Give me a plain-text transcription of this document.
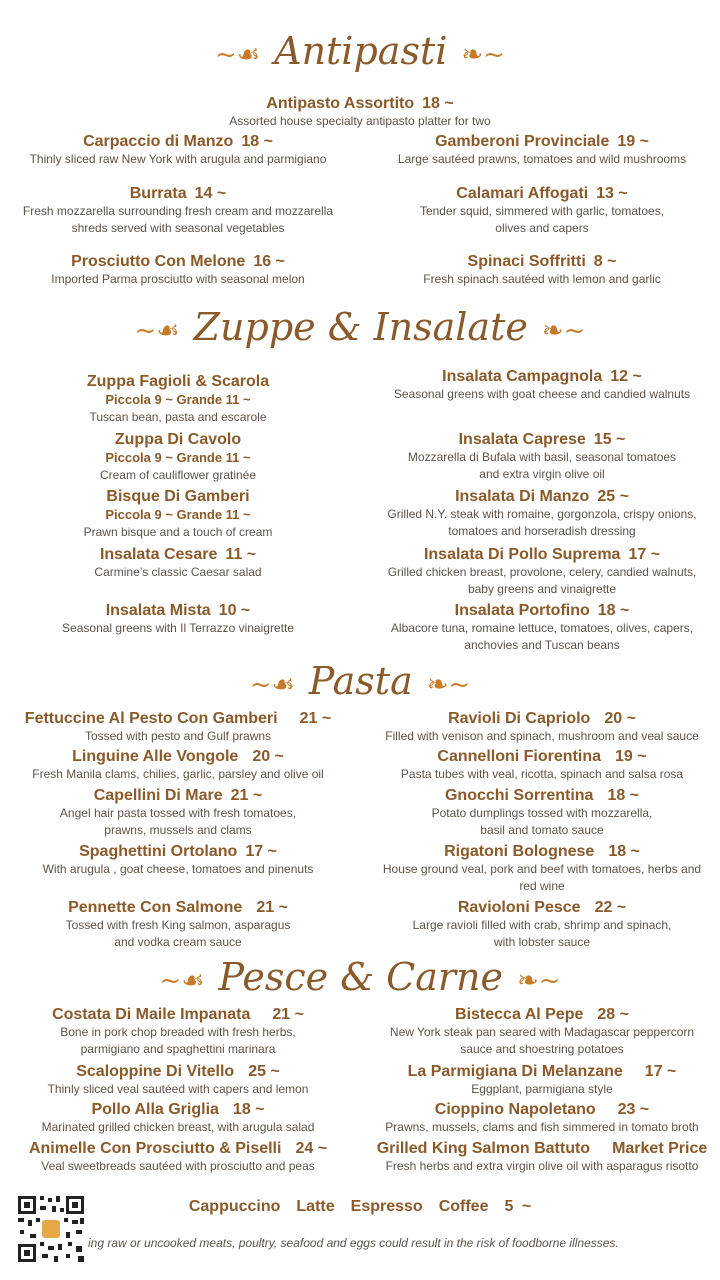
~☙ Antipasti ❧~
Antipasto Assortito 18 ~
Assorted house specialty antipasto platter for two
Carpaccio di Manzo 18 ~
Thinly sliced raw New York with arugula and parmigiano
Gamberoni Provinciale 19 ~
Large sautéed prawns, tomatoes and wild mushrooms
Burrata 14 ~
Fresh mozzarella surrounding fresh cream and mozzarella
shreds served with seasonal vegetables
Calamari Affogati 13 ~
Tender squid, simmered with garlic, tomatoes,
olives and capers
Prosciutto Con Melone 16 ~
Imported Parma prosciutto with seasonal melon
Spinaci Soffritti 8 ~
Fresh spinach sautéed with lemon and garlic
~☙ Zuppe & Insalate ❧~
Zuppa Fagioli & Scarola
Piccola 9 ~ Grande 11 ~
Tuscan bean, pasta and escarole
Zuppa Di Cavolo
Piccola 9 ~ Grande 11 ~
Cream of cauliflower gratinée
Bisque Di Gamberi
Piccola 9 ~ Grande 11 ~
Prawn bisque and a touch of cream
Insalata Cesare 11 ~
Carmine’s classic Caesar salad
Insalata Mista 10 ~
Seasonal greens with Il Terrazzo vinaigrette
Insalata Campagnola 12 ~
Seasonal greens with goat cheese and candied walnuts
Insalata Caprese 15 ~
Mozzarella di Bufala with basil, seasonal tomatoes
and extra virgin olive oil
Insalata Di Manzo 25 ~
Grilled N.Y. steak with romaine, gorgonzola, crispy onions,
tomatoes and horseradish dressing
Insalata Di Pollo Suprema 17 ~
Grilled chicken breast, provolone, celery, candied walnuts,
baby greens and vinaigrette
Insalata Portofino 18 ~
Albacore tuna, romaine lettuce, tomatoes, olives, capers,
anchovies and Tuscan beans
~☙ Pasta ❧~
Fettuccine Al Pesto Con Gamberi 21 ~
Tossed with pesto and Gulf prawns
Linguine Alle Vongole 20 ~
Fresh Manila clams, chilies, garlic, parsley and olive oil
Capellini Di Mare 21 ~
Angel hair pasta tossed with fresh tomatoes,
prawns, mussels and clams
Spaghettini Ortolano 17 ~
With arugula , goat cheese, tomatoes and pinenuts
Pennette Con Salmone 21 ~
Tossed with fresh King salmon, asparagus
and vodka cream sauce
Ravioli Di Capriolo 20 ~
Filled with venison and spinach, mushroom and veal sauce
Cannelloni Fiorentina 19 ~
Pasta tubes with veal, ricotta, spinach and salsa rosa
Gnocchi Sorrentina 18 ~
Potato dumplings tossed with mozzarella,
basil and tomato sauce
Rigatoni Bolognese 18 ~
House ground veal, pork and beef with tomatoes, herbs and
red wine
Ravioloni Pesce 22 ~
Large ravioli filled with crab, shrimp and spinach,
with lobster sauce
~☙ Pesce & Carne ❧~
Costata Di Maile Impanata 21 ~
Bone in pork chop breaded with fresh herbs,
parmigiano and spaghettini marinara
Scaloppine Di Vitello 25 ~
Thinly sliced veal sautéed with capers and lemon
Pollo Alla Griglia 18 ~
Marinated grilled chicken breast, with arugula salad
Animelle Con Prosciutto & Piselli 24 ~
Veal sweetbreads sautéed with prosciutto and peas
Bistecca Al Pepe 28 ~
New York steak pan seared with Madagascar peppercorn
sauce and shoestring potatoes
La Parmigiana Di Melanzane 17 ~
Eggplant, parmigiana style
Cioppino Napoletano 23 ~
Prawns, mussels, clams and fish simmered in tomato broth
Grilled King Salmon Battuto Market Price
Fresh herbs and extra virgin olive oil with asparagus risotto
Cappuccino Latte Espresso Coffee 5 ~
ing raw or uncooked meats, poultry, seafood and eggs could result in the risk of foodborne illnesses.
